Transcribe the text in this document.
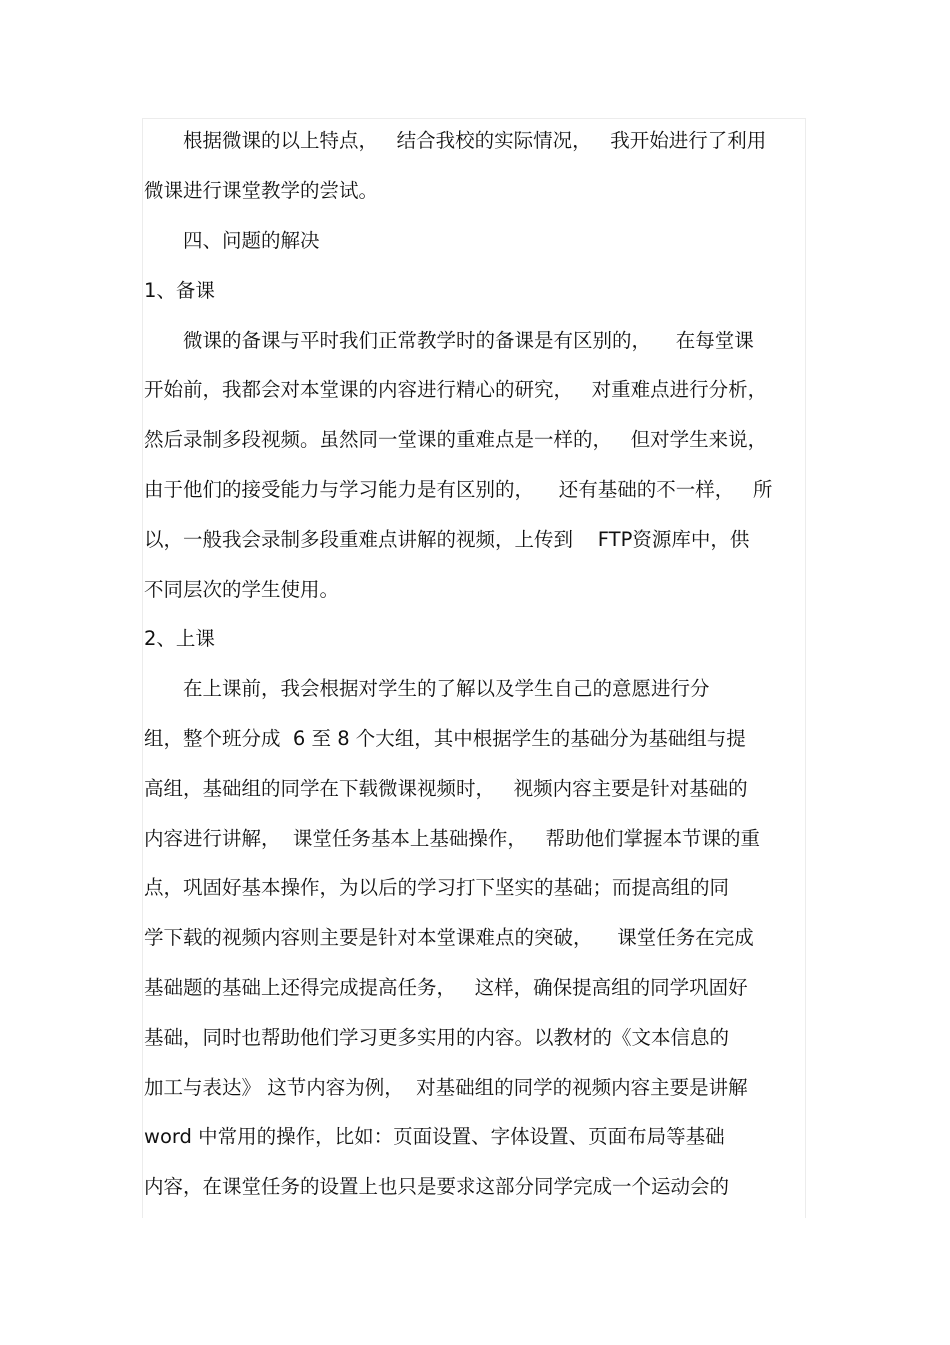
　　根据微课的以上特点，   结合我校的实际情况，   我开始进行了利用

微课进行课堂教学的尝试。

　　四、问题的解决

1、备课

　　微课的备课与平时我们正常教学时的备课是有区别的，    在每堂课

开始前，我都会对本堂课的内容进行精心的研究，   对重难点进行分析，

然后录制多段视频。虽然同一堂课的重难点是一样的，   但对学生来说，

由于他们的接受能力与学习能力是有区别的，    还有基础的不一样，   所

以，一般我会录制多段重难点讲解的视频，上传到    FTP资源库中，供

不同层次的学生使用。

2、上课

　　在上课前，我会根据对学生的了解以及学生自己的意愿进行分

组，整个班分成  6 至 8 个大组，其中根据学生的基础分为基础组与提

高组，基础组的同学在下载微课视频时，   视频内容主要是针对基础的

内容进行讲解，  课堂任务基本上基础操作，   帮助他们掌握本节课的重

点，巩固好基本操作，为以后的学习打下坚实的基础；而提高组的同

学下载的视频内容则主要是针对本堂课难点的突破，    课堂任务在完成

基础题的基础上还得完成提高任务，   这样，确保提高组的同学巩固好

基础，同时也帮助他们学习更多实用的内容。以教材的《文本信息的

加工与表达》 这节内容为例，  对基础组的同学的视频内容主要是讲解

word 中常用的操作，比如：页面设置、字体设置、页面布局等基础

内容，在课堂任务的设置上也只是要求这部分同学完成一个运动会的
